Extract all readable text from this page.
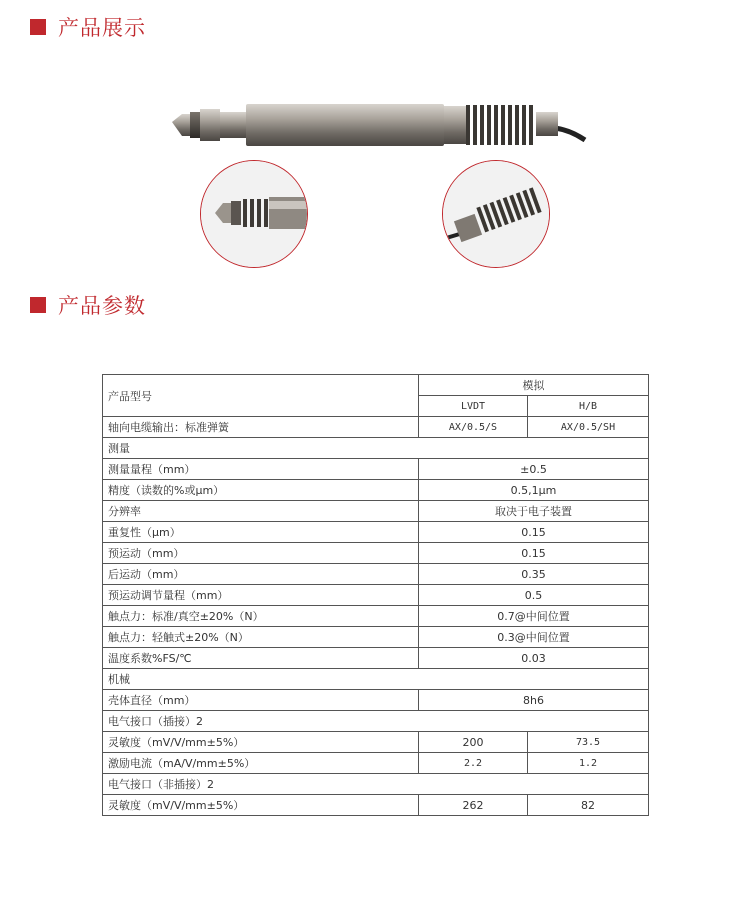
产品展示
产品参数
产品型号	模拟	
	LVDT	H/B
轴向电缆输出：标准弹簧	AX/0.5/S	AX/0.5/SH
测量		
测量量程（mm）	±0.5	
精度（读数的%或μm）	0.5,1μm	
分辨率	取决于电子装置	
重复性（μm）	0.15	
预运动（mm）	0.15	
后运动（mm）	0.35	
预运动调节量程（mm）	0.5	
触点力：标准/真空±20%（N）	0.7@中间位置	
触点力：轻触式±20%（N）	0.3@中间位置	
温度系数%FS/℃	0.03	
机械		
壳体直径（mm）	8h6	
电气接口（插接）2		
灵敏度（mV/V/mm±5%）	200	73.5
激励电流（mA/V/mm±5%）	2.2	1.2
电气接口（非插接）2		
灵敏度（mV/V/mm±5%）	262	82
